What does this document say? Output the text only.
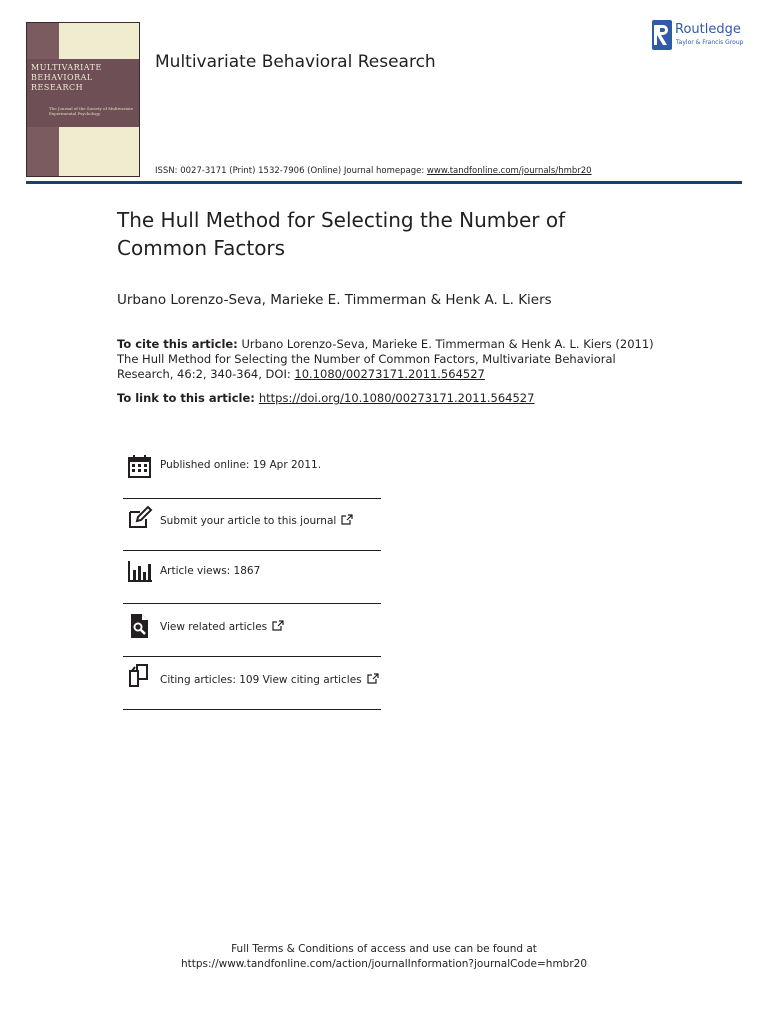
MULTIVARIATE
BEHAVIORAL
RESEARCH
The Journal of the Society of Multivariate Experimental Psychology
Multivariate Behavioral Research
Routledge
Taylor & Francis Group
ISSN: 0027-3171 (Print) 1532-7906 (Online) Journal homepage: www.tandfonline.com/journals/hmbr20
The Hull Method for Selecting the Number of Common Factors
Urbano Lorenzo-Seva, Marieke E. Timmerman & Henk A. L. Kiers
To cite this article: Urbano Lorenzo-Seva, Marieke E. Timmerman & Henk A. L. Kiers (2011) The Hull Method for Selecting the Number of Common Factors, Multivariate Behavioral Research, 46:2, 340-364, DOI: 10.1080/00273171.2011.564527
To link to this article: https://doi.org/10.1080/00273171.2011.564527
Published online: 19 Apr 2011.
Submit your article to this journal
Article views: 1867
View related articles
Citing articles: 109 View citing articles
Full Terms & Conditions of access and use can be found at
https://www.tandfonline.com/action/journalInformation?journalCode=hmbr20
